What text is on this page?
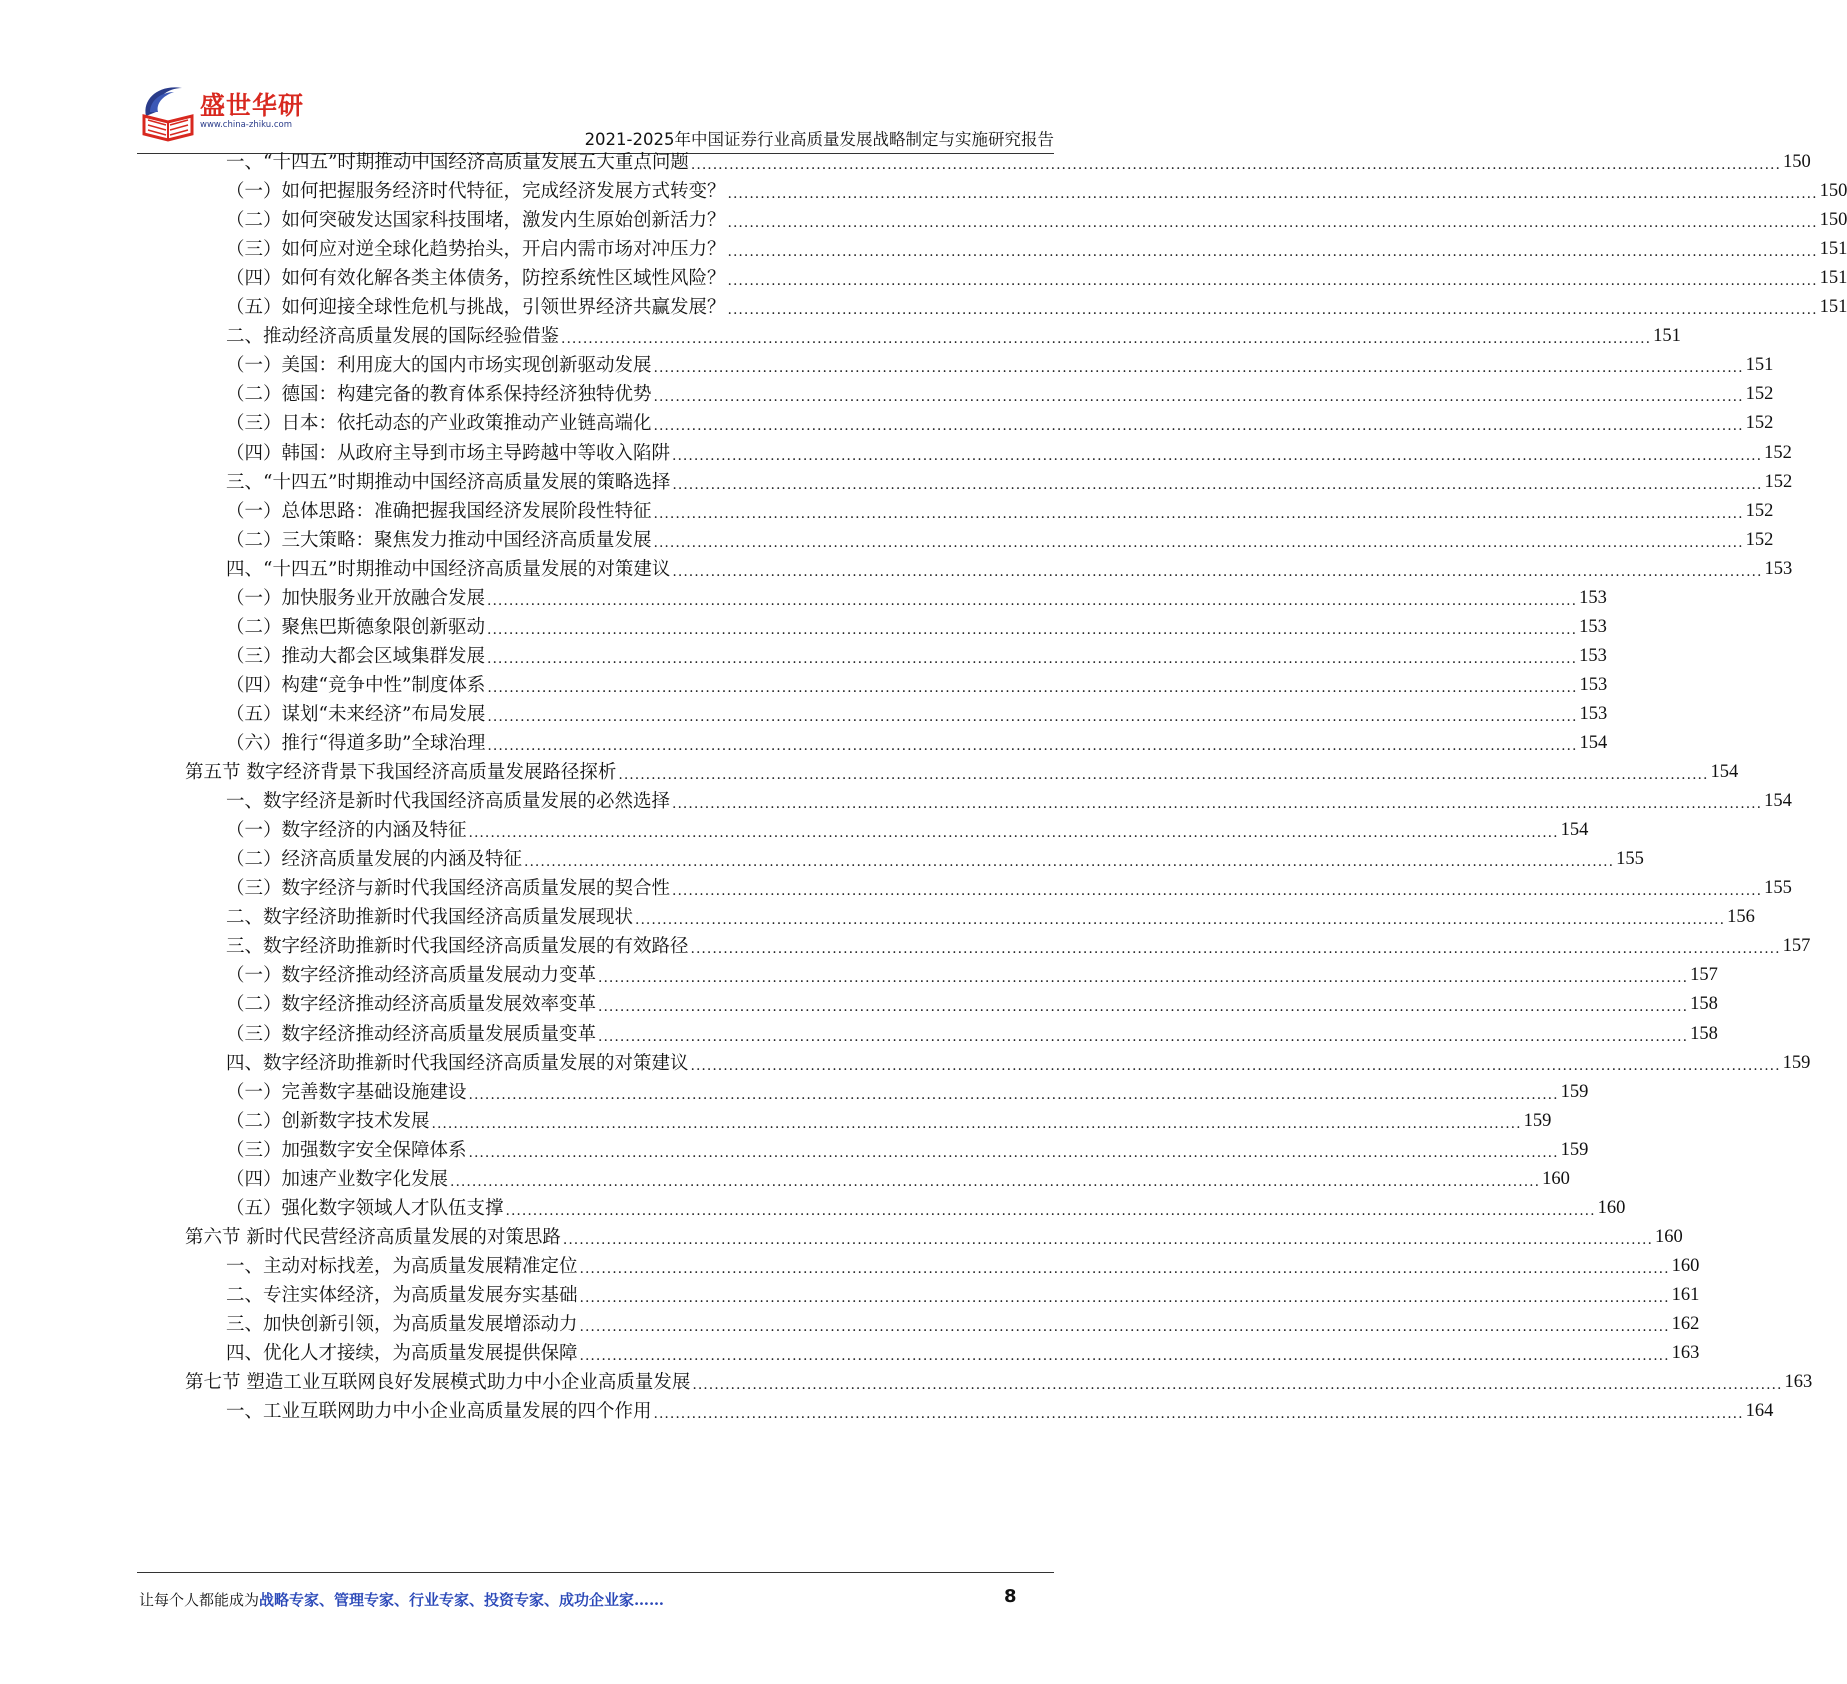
盛世华研
www.china-zhiku.com
2021-2025年中国证券行业高质量发展战略制定与实施研究报告
一、“十四五”时期推动中国经济高质量发展五大重点问题 ........................................................................................................................................................................................................ 150
（一）如何把握服务经济时代特征，完成经济发展方式转变？ ........................................................................................................................................................................................................ 150
（二）如何突破发达国家科技围堵，激发内生原始创新活力？ ........................................................................................................................................................................................................ 150
（三）如何应对逆全球化趋势抬头，开启内需市场对冲压力？ ........................................................................................................................................................................................................ 151
（四）如何有效化解各类主体债务，防控系统性区域性风险？ ........................................................................................................................................................................................................ 151
（五）如何迎接全球性危机与挑战，引领世界经济共赢发展？ ........................................................................................................................................................................................................ 151
二、推动经济高质量发展的国际经验借鉴 ........................................................................................................................................................................................................ 151
（一）美国：利用庞大的国内市场实现创新驱动发展 ........................................................................................................................................................................................................ 151
（二）德国：构建完备的教育体系保持经济独特优势 ........................................................................................................................................................................................................ 152
（三）日本：依托动态的产业政策推动产业链高端化 ........................................................................................................................................................................................................ 152
（四）韩国：从政府主导到市场主导跨越中等收入陷阱 ........................................................................................................................................................................................................ 152
三、“十四五”时期推动中国经济高质量发展的策略选择 ........................................................................................................................................................................................................ 152
（一）总体思路：准确把握我国经济发展阶段性特征 ........................................................................................................................................................................................................ 152
（二）三大策略：聚焦发力推动中国经济高质量发展 ........................................................................................................................................................................................................ 152
四、“十四五”时期推动中国经济高质量发展的对策建议 ........................................................................................................................................................................................................ 153
（一）加快服务业开放融合发展 ........................................................................................................................................................................................................ 153
（二）聚焦巴斯德象限创新驱动 ........................................................................................................................................................................................................ 153
（三）推动大都会区域集群发展 ........................................................................................................................................................................................................ 153
（四）构建“竞争中性”制度体系 ........................................................................................................................................................................................................ 153
（五）谋划“未来经济”布局发展 ........................................................................................................................................................................................................ 153
（六）推行“得道多助”全球治理 ........................................................................................................................................................................................................ 154
第五节 数字经济背景下我国经济高质量发展路径探析 ........................................................................................................................................................................................................ 154
一、数字经济是新时代我国经济高质量发展的必然选择 ........................................................................................................................................................................................................ 154
（一）数字经济的内涵及特征 ........................................................................................................................................................................................................ 154
（二）经济高质量发展的内涵及特征 ........................................................................................................................................................................................................ 155
（三）数字经济与新时代我国经济高质量发展的契合性 ........................................................................................................................................................................................................ 155
二、数字经济助推新时代我国经济高质量发展现状 ........................................................................................................................................................................................................ 156
三、数字经济助推新时代我国经济高质量发展的有效路径 ........................................................................................................................................................................................................ 157
（一）数字经济推动经济高质量发展动力变革 ........................................................................................................................................................................................................ 157
（二）数字经济推动经济高质量发展效率变革 ........................................................................................................................................................................................................ 158
（三）数字经济推动经济高质量发展质量变革 ........................................................................................................................................................................................................ 158
四、数字经济助推新时代我国经济高质量发展的对策建议 ........................................................................................................................................................................................................ 159
（一）完善数字基础设施建设 ........................................................................................................................................................................................................ 159
（二）创新数字技术发展 ........................................................................................................................................................................................................ 159
（三）加强数字安全保障体系 ........................................................................................................................................................................................................ 159
（四）加速产业数字化发展 ........................................................................................................................................................................................................ 160
（五）强化数字领域人才队伍支撑 ........................................................................................................................................................................................................ 160
第六节 新时代民营经济高质量发展的对策思路 ........................................................................................................................................................................................................ 160
一、主动对标找差，为高质量发展精准定位 ........................................................................................................................................................................................................ 160
二、专注实体经济，为高质量发展夯实基础 ........................................................................................................................................................................................................ 161
三、加快创新引领，为高质量发展增添动力 ........................................................................................................................................................................................................ 162
四、优化人才接续，为高质量发展提供保障 ........................................................................................................................................................................................................ 163
第七节 塑造工业互联网良好发展模式助力中小企业高质量发展 ........................................................................................................................................................................................................ 163
一、工业互联网助力中小企业高质量发展的四个作用 ........................................................................................................................................................................................................ 164
让每个人都能成为战略专家、管理专家、行业专家、投资专家、成功企业家……	8
